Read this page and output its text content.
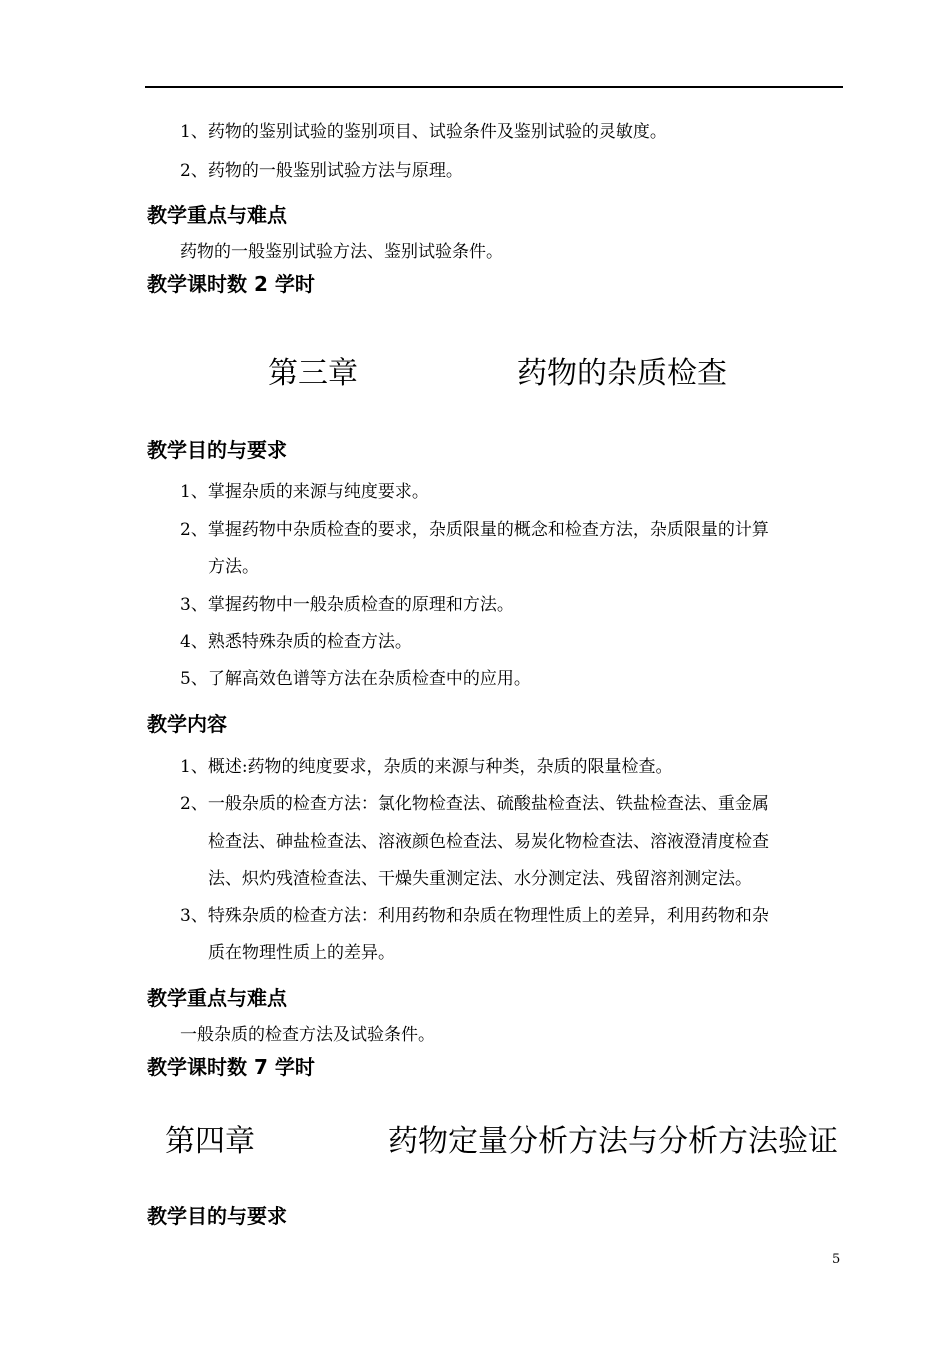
1、药物的鉴别试验的鉴别项目、试验条件及鉴别试验的灵敏度。
2、药物的一般鉴别试验方法与原理。
教学重点与难点
药物的一般鉴别试验方法、鉴别试验条件。
教学课时数 2 学时
第三章	药物的杂质检查
教学目的与要求
1、掌握杂质的来源与纯度要求。
2、掌握药物中杂质检查的要求，杂质限量的概念和检查方法，杂质限量的计算
方法。
3、掌握药物中一般杂质检查的原理和方法。
4、熟悉特殊杂质的检查方法。
5、了解高效色谱等方法在杂质检查中的应用。
教学内容
1、概述:药物的纯度要求，杂质的来源与种类，杂质的限量检查。
2、一般杂质的检查方法：氯化物检查法、硫酸盐检查法、铁盐检查法、重金属
检查法、砷盐检查法、溶液颜色检查法、易炭化物检查法、溶液澄清度检查
法、炽灼残渣检查法、干燥失重测定法、水分测定法、残留溶剂测定法。
3、特殊杂质的检查方法：利用药物和杂质在物理性质上的差异，利用药物和杂
质在物理性质上的差异。
教学重点与难点
一般杂质的检查方法及试验条件。
教学课时数 7 学时
第四章	药物定量分析方法与分析方法验证
教学目的与要求
5
